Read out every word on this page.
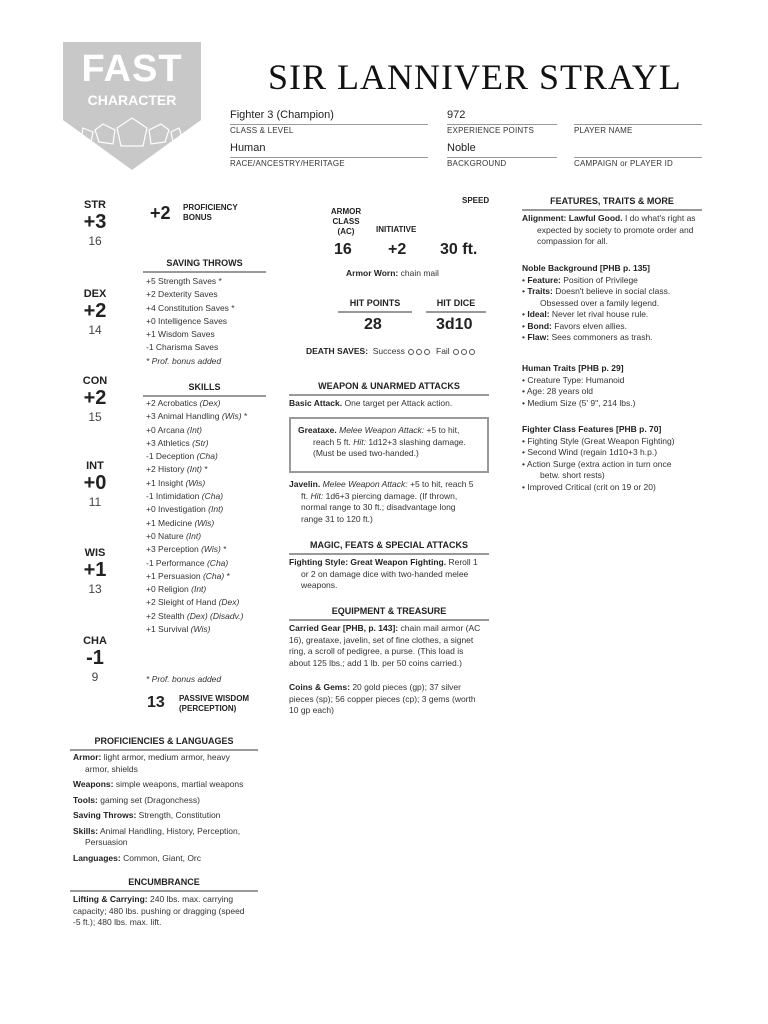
FAST
CHARACTER
SIR LANNIVER STRAYL
Fighter 3 (Champion)
CLASS & LEVEL
972
EXPERIENCE POINTS	PLAYER NAME
Human
RACE/ANCESTRY/HERITAGE
Noble
BACKGROUND	CAMPAIGN or PLAYER ID
STR
+3
16
DEX
+2
14
CON
+2
15
INT
+0
11
WIS
+1
13
CHA
-1
9
+2 PROFICIENCY
BONUS
SAVING THROWS
+5 Strength Saves *
+2 Dexterity Saves
+4 Constitution Saves *
+0 Intelligence Saves
+1 Wisdom Saves
-1 Charisma Saves
* Prof. bonus added
SKILLS
+2 Acrobatics (Dex)
+3 Animal Handling (Wis) *
+0 Arcana (Int)
+3 Athletics (Str)
-1 Deception (Cha)
+2 History (Int) *
+1 Insight (Wis)
-1 Intimidation (Cha)
+0 Investigation (Int)
+1 Medicine (Wis)
+0 Nature (Int)
+3 Perception (Wis) *
-1 Performance (Cha)
+1 Persuasion (Cha) *
+0 Religion (Int)
+2 Sleight of Hand (Dex)
+2 Stealth (Dex) (Disadv.)
+1 Survival (Wis)
* Prof. bonus added
13 PASSIVE WISDOM
(PERCEPTION)
ARMOR
CLASS
(AC)	INITIATIVE
SPEED
16 +2 30 ft.
Armor Worn: chain mail
HIT POINTS	HIT DICE
28	3d10
DEATH SAVES: Success	Fail
WEAPON & UNARMED ATTACKS
Basic Attack. One target per Attack action.
Greataxe. Melee Weapon Attack: +5 to hit,
reach 5 ft. Hit: 1d12+3 slashing damage.
(Must be used two-handed.)
Javelin. Melee Weapon Attack: +5 to hit, reach 5
ft. Hit: 1d6+3 piercing damage. (If thrown,
normal range to 30 ft.; disadvantage long
range 31 to 120 ft.)
MAGIC, FEATS & SPECIAL ATTACKS
Fighting Style: Great Weapon Fighting. Reroll 1
or 2 on damage dice with two-handed melee
weapons.
EQUIPMENT & TREASURE
Carried Gear [PHB, p. 143]: chain mail armor (AC
16), greataxe, javelin, set of fine clothes, a signet
ring, a scroll of pedigree, a purse. (This load is
about 125 lbs.; add 1 lb. per 50 coins carried.)
Coins & Gems: 20 gold pieces (gp); 37 silver
pieces (sp); 56 copper pieces (cp); 3 gems (worth
10 gp each)
FEATURES, TRAITS & MORE
Alignment: Lawful Good. I do what's right as
expected by society to promote order and
compassion for all.
Noble Background [PHB p. 135]
• Feature: Position of Privilege
• Traits: Doesn't believe in social class.
Obsessed over a family legend.
• Ideal: Never let rival house rule.
• Bond: Favors elven allies.
• Flaw: Sees commoners as trash.
Human Traits [PHB p. 29]
• Creature Type: Humanoid
• Age: 28 years old
• Medium Size (5' 9", 214 lbs.)
Fighter Class Features [PHB p. 70]
• Fighting Style (Great Weapon Fighting)
• Second Wind (regain 1d10+3 h.p.)
• Action Surge (extra action in turn once
betw. short rests)
• Improved Critical (crit on 19 or 20)
PROFICIENCIES & LANGUAGES
Armor: light armor, medium armor, heavy
armor, shields
Weapons: simple weapons, martial weapons
Tools: gaming set (Dragonchess)
Saving Throws: Strength, Constitution
Skills: Animal Handling, History, Perception,
Persuasion
Languages: Common, Giant, Orc
ENCUMBRANCE
Lifting & Carrying: 240 lbs. max. carrying
capacity; 480 lbs. pushing or dragging (speed
-5 ft.); 480 lbs. max. lift.
